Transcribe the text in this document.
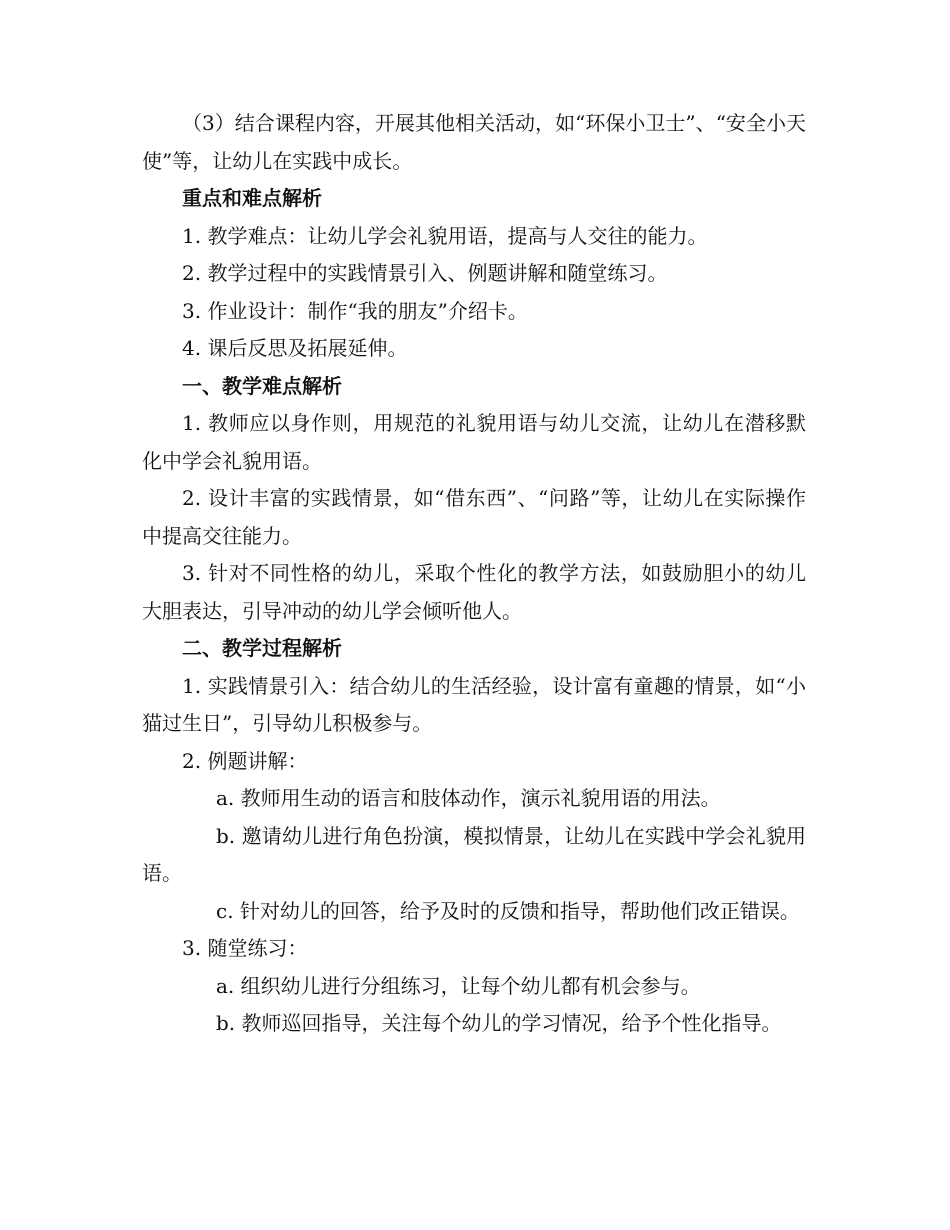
（3）结合课程内容，开展其他相关活动，如“环保小卫士”、“安全小天使”等，让幼儿在实践中成长。

重点和难点解析

1. 教学难点：让幼儿学会礼貌用语，提高与人交往的能力。

2. 教学过程中的实践情景引入、例题讲解和随堂练习。

3. 作业设计：制作“我的朋友”介绍卡。

4. 课后反思及拓展延伸。

一、教学难点解析

1. 教师应以身作则，用规范的礼貌用语与幼儿交流，让幼儿在潜移默化中学会礼貌用语。

2. 设计丰富的实践情景，如“借东西”、“问路”等，让幼儿在实际操作中提高交往能力。

3. 针对不同性格的幼儿，采取个性化的教学方法，如鼓励胆小的幼儿大胆表达，引导冲动的幼儿学会倾听他人。

二、教学过程解析

1. 实践情景引入：结合幼儿的生活经验，设计富有童趣的情景，如“小猫过生日”，引导幼儿积极参与。

2. 例题讲解：

a. 教师用生动的语言和肢体动作，演示礼貌用语的用法。

b. 邀请幼儿进行角色扮演，模拟情景，让幼儿在实践中学会礼貌用语。

c. 针对幼儿的回答，给予及时的反馈和指导，帮助他们改正错误。

3. 随堂练习：

a. 组织幼儿进行分组练习，让每个幼儿都有机会参与。

b. 教师巡回指导，关注每个幼儿的学习情况，给予个性化指导。
